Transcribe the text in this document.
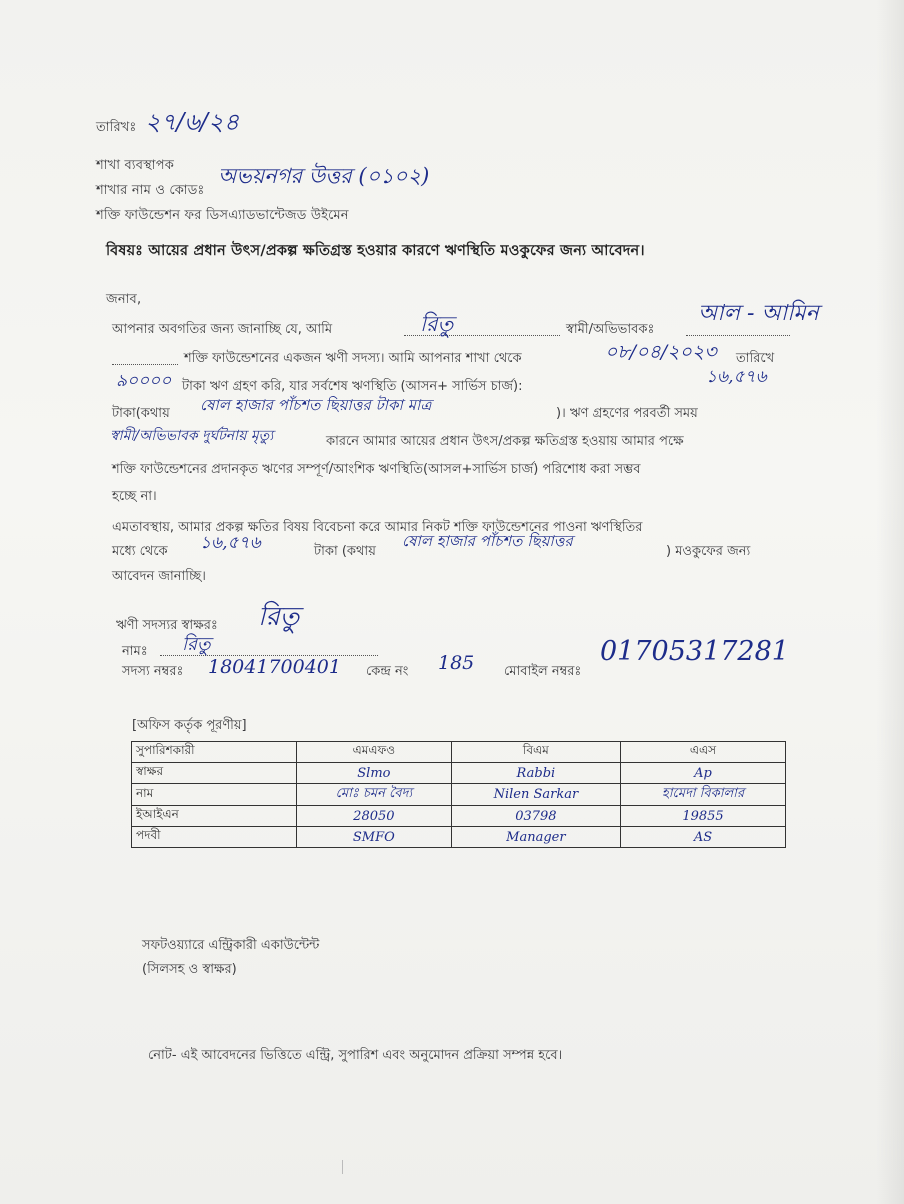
তারিখঃ ২৭/৬/২৪
শাখা ব্যবস্থাপক
শাখার নাম ও কোডঃ
অভয়নগর উত্তর (০১০২)
শক্তি ফাউন্ডেশন ফর ডিসএ্যাডভান্টেজড উইমেন
বিষয়ঃ আয়ের প্রধান উৎস/প্রকল্প ক্ষতিগ্রস্ত হওয়ার কারণে ঋণস্থিতি মওকুফের জন্য আবেদন।
জনাব,
আপনার অবগতির জন্য জানাচ্ছি যে, আমি	রিতু	স্বামী/অভিভাবকঃ
আল - আমিন
শক্তি ফাউন্ডেশনের একজন ঋণী সদস্য। আমি আপনার শাখা থেকে	০৮/০৪/২০২৩ তারিখে
৯০০০০ টাকা ঋণ গ্রহণ করি, যার সর্বশেষ ঋণস্থিতি (আসন+ সার্ভিস চার্জ):	১৬,৫৭৬
টাকা(কথায় ষোল হাজার পাঁচশত ছিয়াত্তর টাকা মাত্র	)। ঋণ গ্রহণের পরবর্তী সময়
স্বামী/অভিভাবক দুর্ঘটনায় মৃত্যু	কারনে আমার আয়ের প্রধান উৎস/প্রকল্প ক্ষতিগ্রস্ত হওয়ায় আমার পক্ষে
শক্তি ফাউন্ডেশনের প্রদানকৃত ঋণের সম্পূর্ণ/আংশিক ঋণস্থিতি(আসল+সার্ভিস চার্জ) পরিশোধ করা সম্ভব
হচ্ছে না।
এমতাবস্থায়, আমার প্রকল্প ক্ষতির বিষয় বিবেচনা করে আমার নিকট শক্তি ফাউন্ডেশনের পাওনা ঋণস্থিতির
মধ্যে থেকে ১৬,৫৭৬	টাকা (কথায়
ষোল হাজার পাঁচশত ছিয়াত্তর
) মওকুফের জন্য
আবেদন জানাচ্ছি।
ঋণী সদস্যর স্বাক্ষরঃ রিতু
নামঃ রিতু
সদস্য নম্বরঃ 18041700401 কেন্দ্র নং 185 মোবাইল নম্বরঃ
01705317281
[অফিস কর্তৃক পূরণীয়]
সুপারিশকারী	এমএফও	বিএম	এএস
স্বাক্ষর	Slmo	Rabbi	Ap
নাম	মোঃ চমন বৈদ্য	Nilen Sarkar	হামেদা বিকালার
ইআইএন	28050	03798	19855
পদবী	SMFO	Manager	AS
সফটওয়্যারে এন্ট্রিকারী একাউন্টেন্ট
(সিলসহ ও স্বাক্ষর)
নোট- এই আবেদনের ভিত্তিতে এন্ট্রি, সুপারিশ এবং অনুমোদন প্রক্রিয়া সম্পন্ন হবে।
